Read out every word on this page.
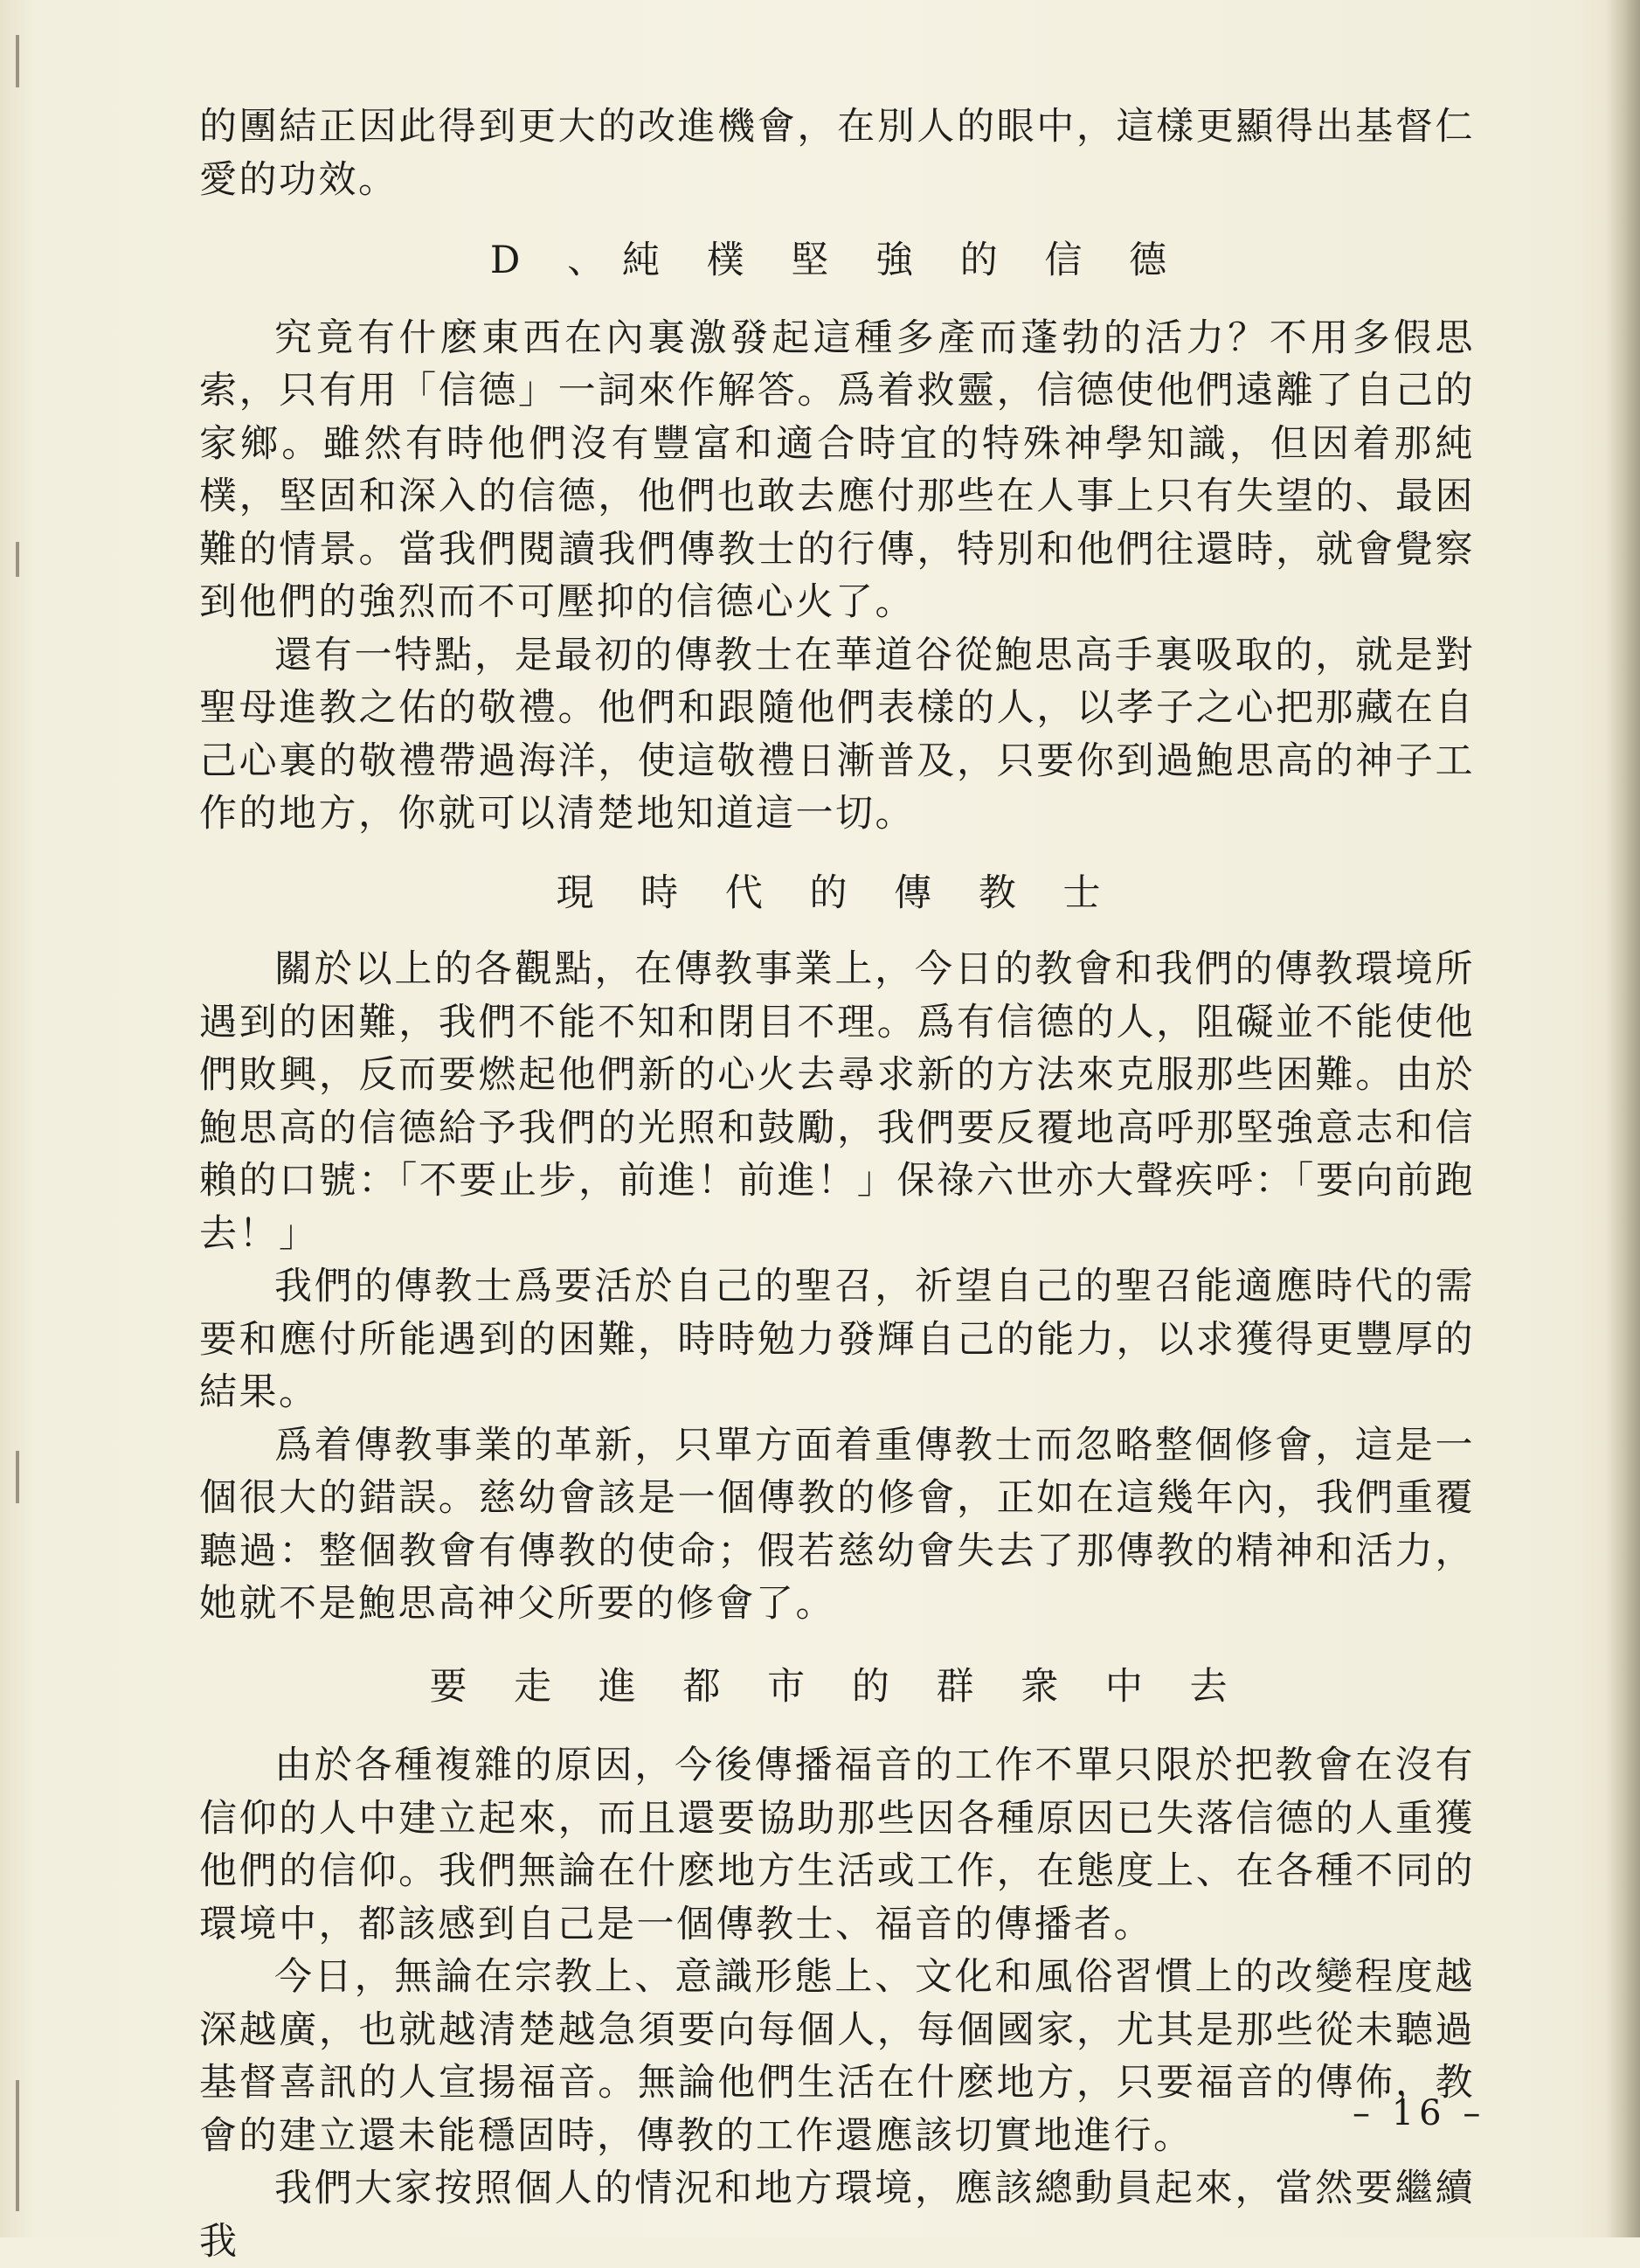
的團結正因此得到更大的改進機會，在別人的眼中，這樣更顯得出基督仁愛的功效。

D 、純 樸 堅 強 的 信 德

究竟有什麽東西在內裏激發起這種多產而蓬勃的活力？不用多假思索，只有用「信德」一詞來作解答。爲着救靈，信德使他們遠離了自己的家鄉。雖然有時他們沒有豐富和適合時宜的特殊神學知識，但因着那純樸，堅固和深入的信德，他們也敢去應付那些在人事上只有失望的、最困難的情景。當我們閱讀我們傳教士的行傳，特別和他們往還時，就會覺察到他們的強烈而不可壓抑的信德心火了。

還有一特點，是最初的傳教士在華道谷從鮑思高手裏吸取的，就是對聖母進教之佑的敬禮。他們和跟隨他們表樣的人，以孝子之心把那藏在自己心裏的敬禮帶過海洋，使這敬禮日漸普及，只要你到過鮑思高的神子工作的地方，你就可以清楚地知道這一切。

現 時 代 的 傳 教 士

關於以上的各觀點，在傳教事業上，今日的教會和我們的傳教環境所遇到的困難，我們不能不知和閉目不理。爲有信德的人，阻礙並不能使他們敗興，反而要燃起他們新的心火去尋求新的方法來克服那些困難。由於鮑思高的信德給予我們的光照和鼓勵，我們要反覆地高呼那堅強意志和信賴的口號：「不要止步，前進！前進！」保祿六世亦大聲疾呼：「要向前跑去！」

我們的傳教士爲要活於自己的聖召，祈望自己的聖召能適應時代的需要和應付所能遇到的困難，時時勉力發輝自己的能力，以求獲得更豐厚的結果。

爲着傳教事業的革新，只單方面着重傳教士而忽略整個修會，這是一個很大的錯誤。慈幼會該是一個傳教的修會，正如在這幾年內，我們重覆聽過：整個教會有傳教的使命；假若慈幼會失去了那傳教的精神和活力，她就不是鮑思高神父所要的修會了。

要 走 進 都 市 的 群 衆 中 去

由於各種複雜的原因，今後傳播福音的工作不單只限於把教會在沒有信仰的人中建立起來，而且還要協助那些因各種原因已失落信德的人重獲他們的信仰。我們無論在什麽地方生活或工作，在態度上、在各種不同的環境中，都該感到自己是一個傳教士、福音的傳播者。

今日，無論在宗教上、意識形態上、文化和風俗習慣上的改變程度越深越廣，也就越清楚越急須要向每個人，每個國家，尤其是那些從未聽過基督喜訊的人宣揚福音。無論他們生活在什麽地方，只要福音的傳佈，教會的建立還未能穩固時，傳教的工作還應該切實地進行。

我們大家按照個人的情況和地方環境，應該總動員起來，當然要繼續我

– 16 –
